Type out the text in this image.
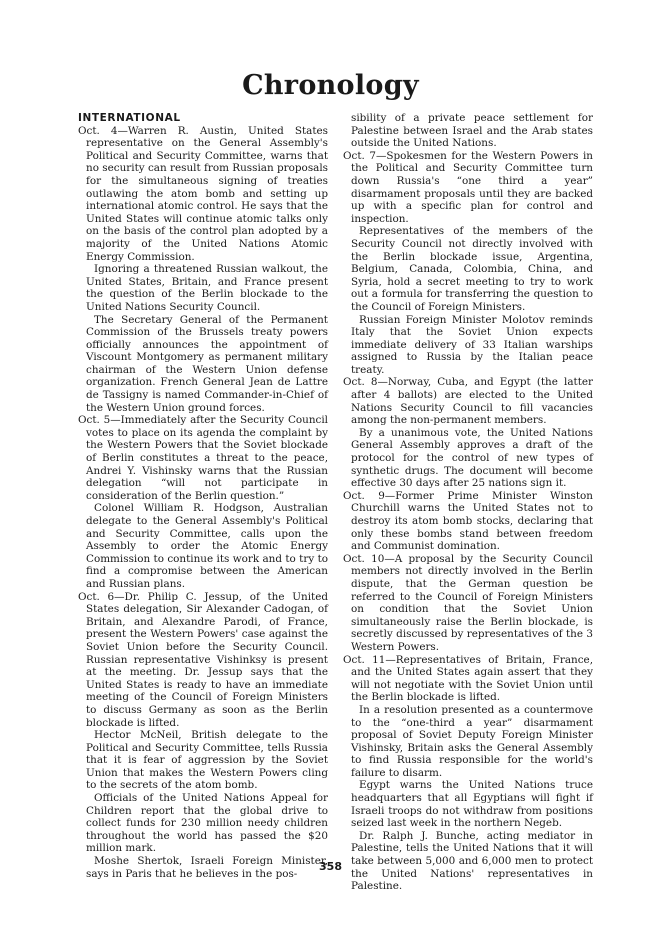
Chronology
INTERNATIONAL

Oct. 4—Warren R. Austin, United States representative on the General Assembly's Political and Security Committee, warns that no security can result from Russian proposals for the simultaneous signing of treaties outlawing the atom bomb and setting up international atomic control. He says that the United States will continue atomic talks only on the basis of the control plan adopted by a majority of the United Nations Atomic Energy Commission.

Ignoring a threatened Russian walkout, the United States, Britain, and France present the question of the Berlin blockade to the United Nations Security Council.

The Secretary General of the Permanent Commission of the Brussels treaty powers officially announces the appointment of Viscount Montgomery as permanent military chairman of the Western Union defense organization. French General Jean de Lattre de Tassigny is named Commander-in-Chief of the Western Union ground forces.

Oct. 5—Immediately after the Security Council votes to place on its agenda the complaint by the Western Powers that the Soviet blockade of Berlin constitutes a threat to the peace, Andrei Y. Vishinsky warns that the Russian delegation “will not participate in consideration of the Berlin question.”

Colonel William R. Hodgson, Australian delegate to the General Assembly's Political and Security Committee, calls upon the Assembly to order the Atomic Energy Commission to continue its work and to try to find a compromise between the American and Russian plans.

Oct. 6—Dr. Philip C. Jessup, of the United States delegation, Sir Alexander Cadogan, of Britain, and Alexandre Parodi, of France, present the Western Powers' case against the Soviet Union before the Security Council. Russian representative Vishinksy is present at the meeting. Dr. Jessup says that the United States is ready to have an immediate meeting of the Council of Foreign Ministers to discuss Germany as soon as the Berlin blockade is lifted.

Hector McNeil, British delegate to the Political and Security Committee, tells Russia that it is fear of aggression by the Soviet Union that makes the Western Powers cling to the secrets of the atom bomb.

Officials of the United Nations Appeal for Children report that the global drive to collect funds for 230 million needy children throughout the world has passed the $20 million mark.

Moshe Shertok, Israeli Foreign Minister, says in Paris that he believes in the pos-

sibility of a private peace settlement for Palestine between Israel and the Arab states outside the United Nations.

Oct. 7—Spokesmen for the Western Powers in the Political and Security Committee turn down Russia's “one third a year” disarmament proposals until they are backed up with a specific plan for control and inspection.

Representatives of the members of the Security Council not directly involved with the Berlin blockade issue, Argentina, Belgium, Canada, Colombia, China, and Syria, hold a secret meeting to try to work out a formula for transferring the question to the Council of Foreign Ministers.

Russian Foreign Minister Molotov reminds Italy that the Soviet Union expects immediate delivery of 33 Italian warships assigned to Russia by the Italian peace treaty.

Oct. 8—Norway, Cuba, and Egypt (the latter after 4 ballots) are elected to the United Nations Security Council to fill vacancies among the non-permanent members.

By a unanimous vote, the United Nations General Assembly approves a draft of the protocol for the control of new types of synthetic drugs. The document will become effective 30 days after 25 nations sign it.

Oct. 9—Former Prime Minister Winston Churchill warns the United States not to destroy its atom bomb stocks, declaring that only these bombs stand between freedom and Communist domination.

Oct. 10—A proposal by the Security Council members not directly involved in the Berlin dispute, that the German question be referred to the Council of Foreign Ministers on condition that the Soviet Union simultaneously raise the Berlin blockade, is secretly discussed by representatives of the 3 Western Powers.

Oct. 11—Representatives of Britain, France, and the United States again assert that they will not negotiate with the Soviet Union until the Berlin blockade is lifted.

In a resolution presented as a countermove to the “one-third a year” disarmament proposal of Soviet Deputy Foreign Minister Vishinsky, Britain asks the General Assembly to find Russia responsible for the world's failure to disarm.

Egypt warns the United Nations truce headquarters that all Egyptians will fight if Israeli troops do not withdraw from positions seized last week in the northern Negeb.

Dr. Ralph J. Bunche, acting mediator in Palestine, tells the United Nations that it will take between 5,000 and 6,000 men to protect the United Nations' representatives in Palestine.

358
